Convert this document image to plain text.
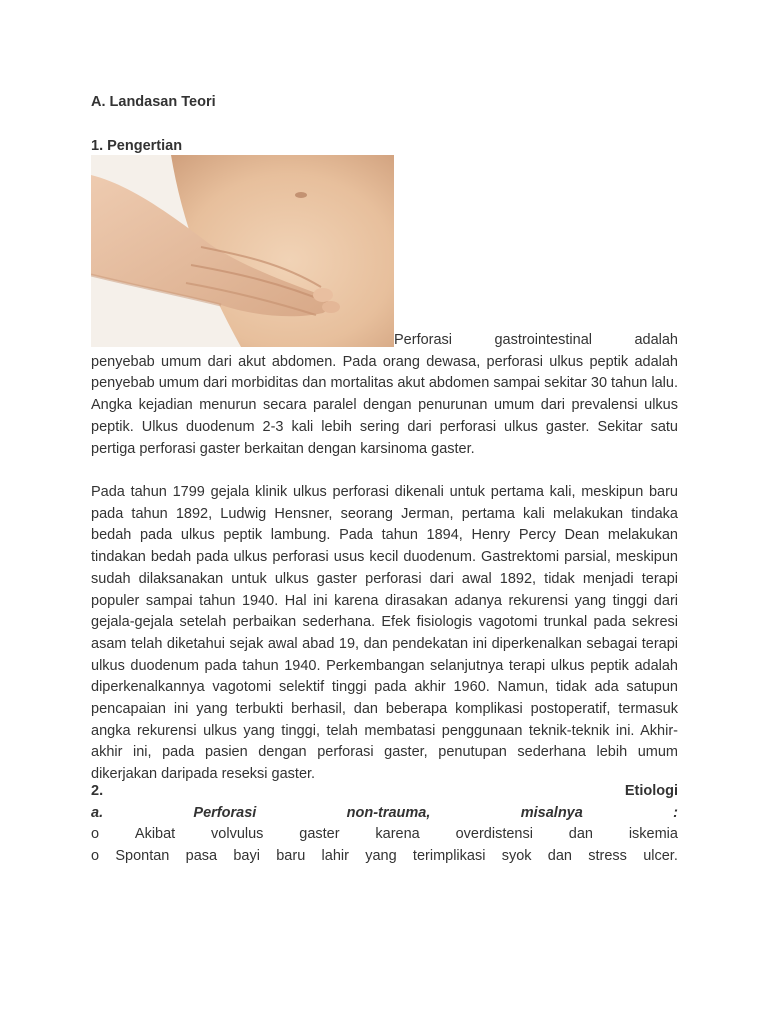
A. Landasan Teori
1. Pengertian

Perforasi gastrointestinal adalah
penyebab umum dari akut abdomen. Pada orang dewasa, perforasi ulkus peptik adalah penyebab umum dari morbiditas dan mortalitas akut abdomen sampai sekitar 30 tahun lalu. Angka kejadian menurun secara paralel dengan penurunan umum dari prevalensi ulkus peptik. Ulkus duodenum 2-3 kali lebih sering dari perforasi ulkus gaster. Sekitar satu pertiga perforasi gaster berkaitan dengan karsinoma gaster.

Pada tahun 1799 gejala klinik ulkus perforasi dikenali untuk pertama kali, meskipun baru pada tahun 1892, Ludwig Hensner, seorang Jerman, pertama kali melakukan tindaka bedah pada ulkus peptik lambung. Pada tahun 1894, Henry Percy Dean melakukan tindakan bedah pada ulkus perforasi usus kecil duodenum. Gastrektomi parsial, meskipun sudah dilaksanakan untuk ulkus gaster perforasi dari awal 1892, tidak menjadi terapi populer sampai tahun 1940. Hal ini karena dirasakan adanya rekurensi yang tinggi dari gejala-gejala setelah perbaikan sederhana. Efek fisiologis vagotomi trunkal pada sekresi asam telah diketahui sejak awal abad 19, dan pendekatan ini diperkenalkan sebagai terapi ulkus duodenum pada tahun 1940. Perkembangan selanjutnya terapi ulkus peptik adalah diperkenalkannya vagotomi selektif tinggi pada akhir 1960. Namun, tidak ada satupun pencapaian ini yang terbukti berhasil, dan beberapa komplikasi postoperatif, termasuk angka rekurensi ulkus yang tinggi, telah membatasi penggunaan teknik-teknik ini. Akhir-akhir ini, pada pasien dengan perforasi gaster, penutupan sederhana lebih umum dikerjakan daripada reseksi gaster.

2.	Etiologi
a.	Perforasi	non-trauma,	misalnya	:
o Akibat volvulus gaster karena overdistensi dan iskemia
o Spontan pasa bayi baru lahir yang terimplikasi syok dan stress ulcer.
